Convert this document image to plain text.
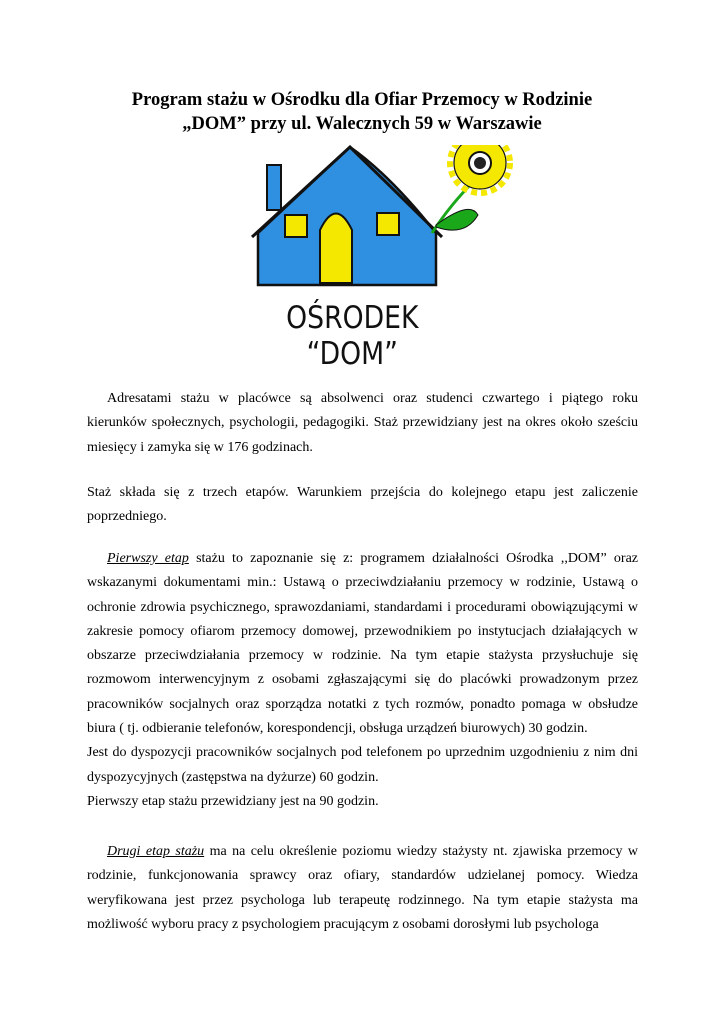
Program stażu w Ośrodku dla Ofiar Przemocy w Rodzinie
„DOM” przy ul. Walecznych 59 w Warszawie
OŚRODEK “DOM”

Adresatami stażu w placówce są absolwenci oraz studenci czwartego i piątego roku kierunków społecznych, psychologii, pedagogiki. Staż przewidziany jest na okres około sześciu miesięcy i zamyka się w 176 godzinach.

Staż składa się z trzech etapów. Warunkiem przejścia do kolejnego etapu jest zaliczenie poprzedniego.

Pierwszy etap stażu to zapoznanie się z: programem działalności Ośrodka ,,DOM” oraz wskazanymi dokumentami min.: Ustawą o przeciwdziałaniu przemocy w rodzinie, Ustawą o ochronie zdrowia psychicznego, sprawozdaniami, standardami i procedurami obowiązującymi w zakresie pomocy ofiarom przemocy domowej, przewodnikiem po instytucjach działających w obszarze przeciwdziałania przemocy w rodzinie. Na tym etapie stażysta przysłuchuje się rozmowom interwencyjnym z osobami zgłaszającymi się do placówki prowadzonym przez pracowników socjalnych oraz sporządza notatki z tych rozmów, ponadto pomaga w obsłudze biura ( tj. odbieranie telefonów, korespondencji, obsługa urządzeń biurowych) 30 godzin.

Jest do dyspozycji pracowników socjalnych pod telefonem po uprzednim uzgodnieniu z nim dni dyspozycyjnych (zastępstwa na dyżurze) 60 godzin.

Pierwszy etap stażu przewidziany jest na 90 godzin.

Drugi etap stażu ma na celu określenie poziomu wiedzy stażysty nt. zjawiska przemocy w rodzinie, funkcjonowania sprawcy oraz ofiary, standardów udzielanej pomocy. Wiedza weryfikowana jest przez psychologa lub terapeutę rodzinnego. Na tym etapie stażysta ma możliwość wyboru pracy z psychologiem pracującym z osobami dorosłymi lub psychologa
